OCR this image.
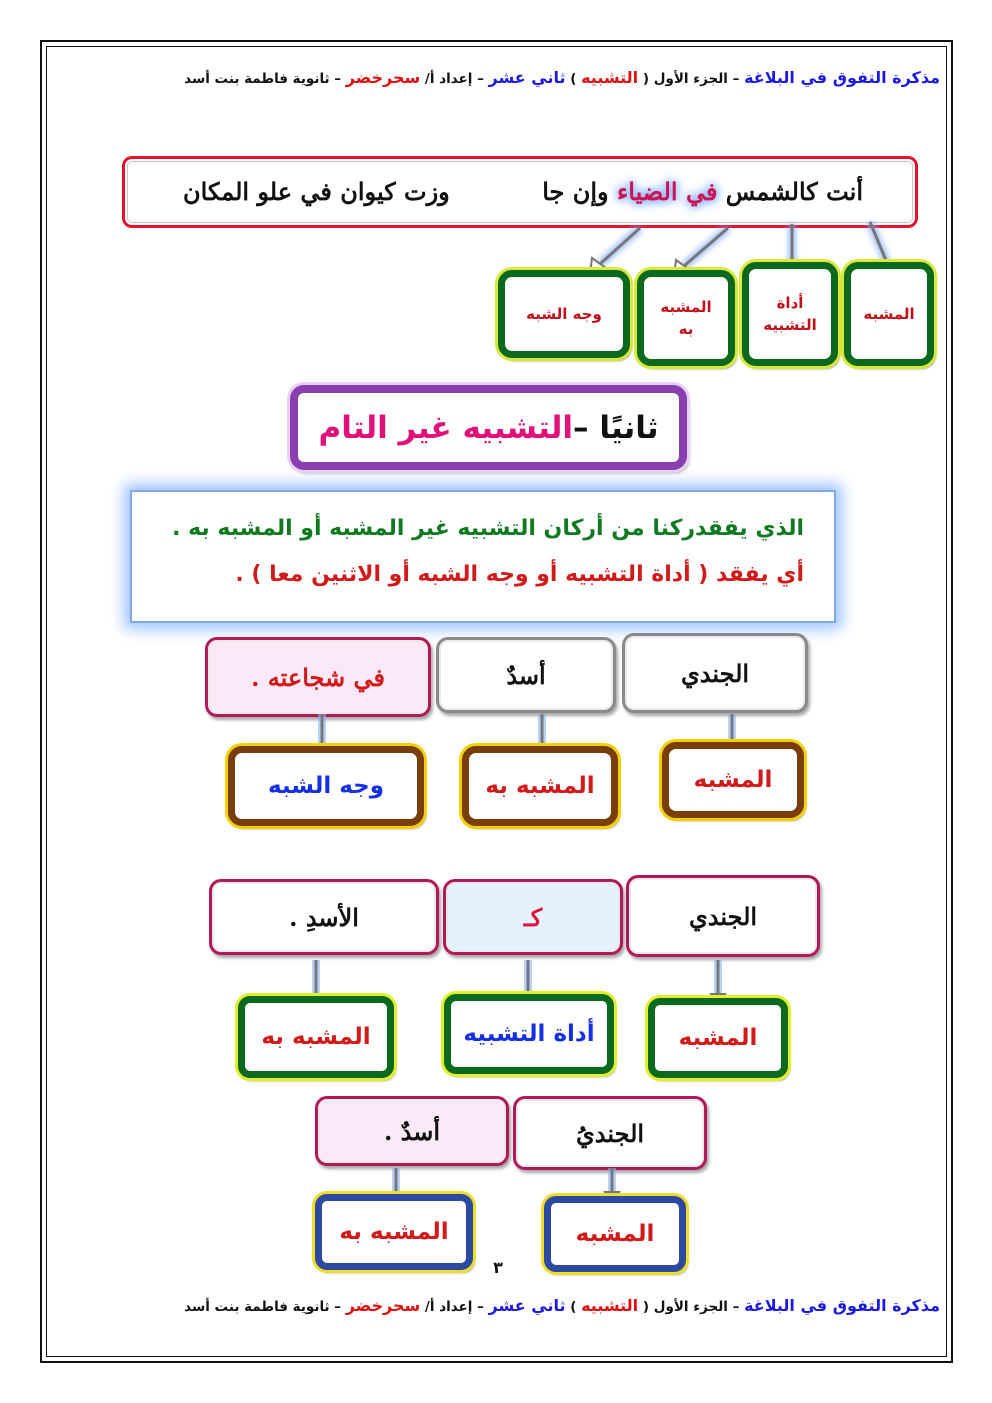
مذكرة التفوق في البلاغة – الجزء الأول ( التشبيه ) ثاني عشر – إعداد أ/ سحرخضر – ثانوية فاطمة بنت أسد
أنت كالشمس في الضياء وإن جا
وزت كيوان في علو المكان
المشبه
أداة
التشبيه
المشبه
به
وجه الشبه
ثانيًا –
التشبيه غير التام
الذي يفقدركنا من أركان التشبيه غير المشبه أو المشبه به .
أي يفقد ( أداة التشبيه أو وجه الشبه أو الاثنين معا ) .
الجندي
أسدٌ
في شجاعته .
المشبه
المشبه به
وجه الشبه
الجندي
كـ
الأسدِ .
المشبه
أداة التشبيه
المشبه به
الجنديُ
أسدٌ .
المشبه
المشبه به
٣
مذكرة التفوق في البلاغة – الجزء الأول ( التشبيه ) ثاني عشر – إعداد أ/ سحرخضر – ثانوية فاطمة بنت أسد
